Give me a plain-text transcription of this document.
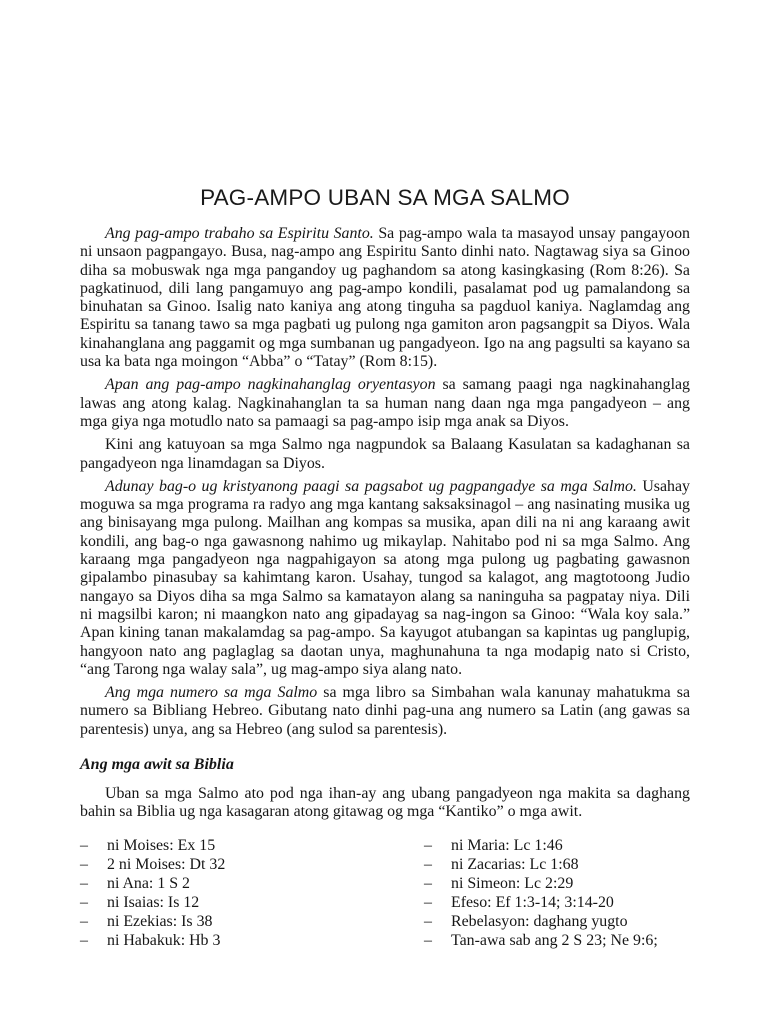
PAG-AMPO UBAN SA MGA SALMO

Ang pag-ampo trabaho sa Espiritu Santo. Sa pag-ampo wala ta masayod unsay pangayoon ni unsaon pagpangayo. Busa, nag-ampo ang Espiritu Santo dinhi nato. Nagtawag siya sa Ginoo diha sa mobuswak nga mga pangandoy ug paghandom sa atong kasingkasing (Rom 8:26). Sa pagkatinuod, dili lang pangamuyo ang pag-ampo kondili, pasalamat pod ug pamalandong sa binuhatan sa Ginoo. Isalig nato kaniya ang atong tinguha sa pagduol kaniya. Naglamdag ang Espiritu sa tanang tawo sa mga pagbati ug pulong nga gamiton aron pagsangpit sa Diyos. Wala kinahanglana ang paggamit og mga sumbanan ug pangadyeon. Igo na ang pagsulti sa kayano sa usa ka bata nga moingon “Abba” o “Tatay” (Rom 8:15).

Apan ang pag-ampo nagkinahanglag oryentasyon sa samang paagi nga nagkinahanglag lawas ang atong kalag. Nagkinahanglan ta sa human nang daan nga mga pangadyeon – ang mga giya nga motudlo nato sa pamaagi sa pag-ampo isip mga anak sa Diyos.

Kini ang katuyoan sa mga Salmo nga nagpundok sa Balaang Kasulatan sa kadaghanan sa pangadyeon nga linamdagan sa Diyos.

Adunay bag-o ug kristyanong paagi sa pagsabot ug pagpangadye sa mga Salmo. Usahay moguwa sa mga programa ra radyo ang mga kantang saksaksinagol – ang nasinating musika ug ang binisayang mga pulong. Mailhan ang kompas sa musika, apan dili na ni ang karaang awit kondili, ang bag-o nga gawasnong nahimo ug mikaylap. Nahitabo pod ni sa mga Salmo. Ang karaang mga pangadyeon nga nagpahigayon sa atong mga pulong ug pagbating gawasnon gipalambo pinasubay sa kahimtang karon. Usahay, tungod sa kalagot, ang magtotoong Judio nangayo sa Diyos diha sa mga Salmo sa kamatayon alang sa naninguha sa pagpatay niya. Dili ni magsilbi karon; ni maangkon nato ang gipadayag sa nag-ingon sa Ginoo: “Wala koy sala.” Apan kining tanan makalamdag sa pag-ampo. Sa kayugot atubangan sa kapintas ug panglupig, hangyoon nato ang paglaglag sa daotan unya, maghunahuna ta nga modapig nato si Cristo, “ang Tarong nga walay sala”, ug mag-ampo siya alang nato.

Ang mga numero sa mga Salmo sa mga libro sa Simbahan wala kanunay mahatukma sa numero sa Bibliang Hebreo. Gibutang nato dinhi pag-una ang numero sa Latin (ang gawas sa parentesis) unya, ang sa Hebreo (ang sulod sa parentesis).

Ang mga awit sa Biblia

Uban sa mga Salmo ato pod nga ihan-ay ang ubang pangadyeon nga makita sa daghang bahin sa Biblia ug nga kasagaran atong gitawag og mga “Kantiko” o mga awit.

– ni Moises: Ex 15
– 2 ni Moises: Dt 32
– ni Ana: 1 S 2
– ni Isaias: Is 12
– ni Ezekias: Is 38
– ni Habakuk: Hb 3
– ni Maria: Lc 1:46
– ni Zacarias: Lc 1:68
– ni Simeon: Lc 2:29
– Efeso: Ef 1:3-14; 3:14-20
– Rebelasyon: daghang yugto
– Tan-awa sab ang 2 S 23; Ne 9:6;
